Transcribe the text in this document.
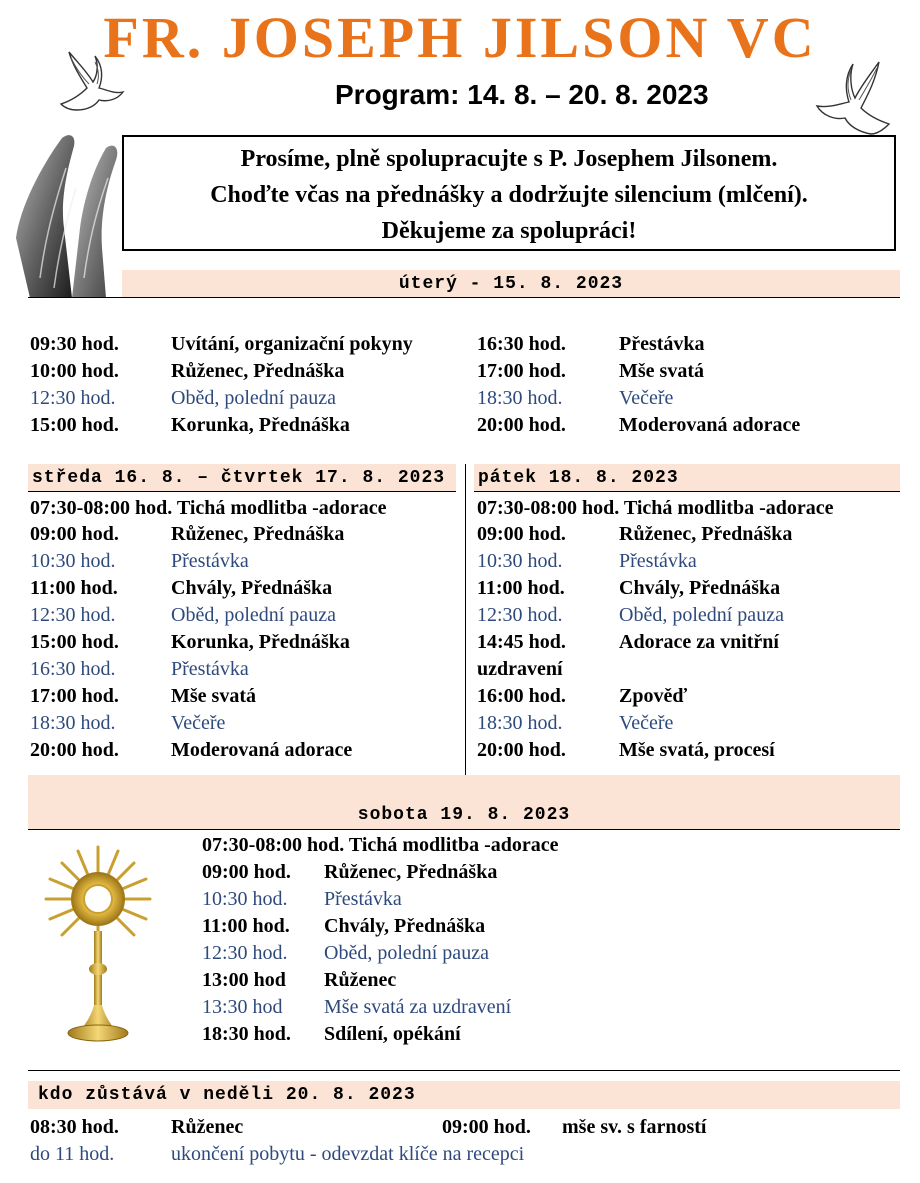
FR. JOSEPH JILSON VC
Program: 14. 8. – 20. 8. 2023
Prosíme, plně spolupracujte s P. Josephem Jilsonem.
Choďte včas na přednášky a dodržujte silencium (mlčení).
Děkujeme za spolupráci!
úterý - 15. 8. 2023
09:30 hod.	Uvítání, organizační pokyny
10:00 hod.	Růženec, Přednáška
12:30 hod.	Oběd, polední pauza
15:00 hod.	Korunka, Přednáška
16:30 hod.	Přestávka
17:00 hod.	Mše svatá
18:30 hod.	Večeře
20:00 hod.	Moderovaná adorace
středa 16. 8. – čtvrtek 17. 8. 2023	pátek 18. 8. 2023
07:30-08:00 hod. Tichá modlitba -adorace
09:00 hod.	Růženec, Přednáška
10:30 hod.	Přestávka
11:00 hod.	Chvály, Přednáška
12:30 hod.	Oběd, polední pauza
15:00 hod.	Korunka, Přednáška
16:30 hod.	Přestávka
17:00 hod.	Mše svatá
18:30 hod.	Večeře
20:00 hod.	Moderovaná adorace
07:30-08:00 hod. Tichá modlitba -adorace
09:00 hod.	Růženec, Přednáška
10:30 hod.	Přestávka
11:00 hod.	Chvály, Přednáška
12:30 hod.	Oběd, polední pauza
14:45 hod.	Adorace za vnitřní
uzdravení
16:00 hod.	Zpověď
18:30 hod.	Večeře
20:00 hod.	Mše svatá, procesí
sobota 19. 8. 2023
07:30-08:00 hod. Tichá modlitba -adorace
09:00 hod. Růženec, Přednáška
10:30 hod. Přestávka
11:00 hod. Chvály, Přednáška
12:30 hod. Oběd, polední pauza
13:00 hod Růženec
13:30 hod Mše svatá za uzdravení
18:30 hod. Sdílení, opékání
kdo zůstává v neděli 20. 8. 2023
08:30 hod.	Růženec	09:00 hod. mše sv. s farností
do 11 hod.	ukončení pobytu - odevzdat klíče na recepci
